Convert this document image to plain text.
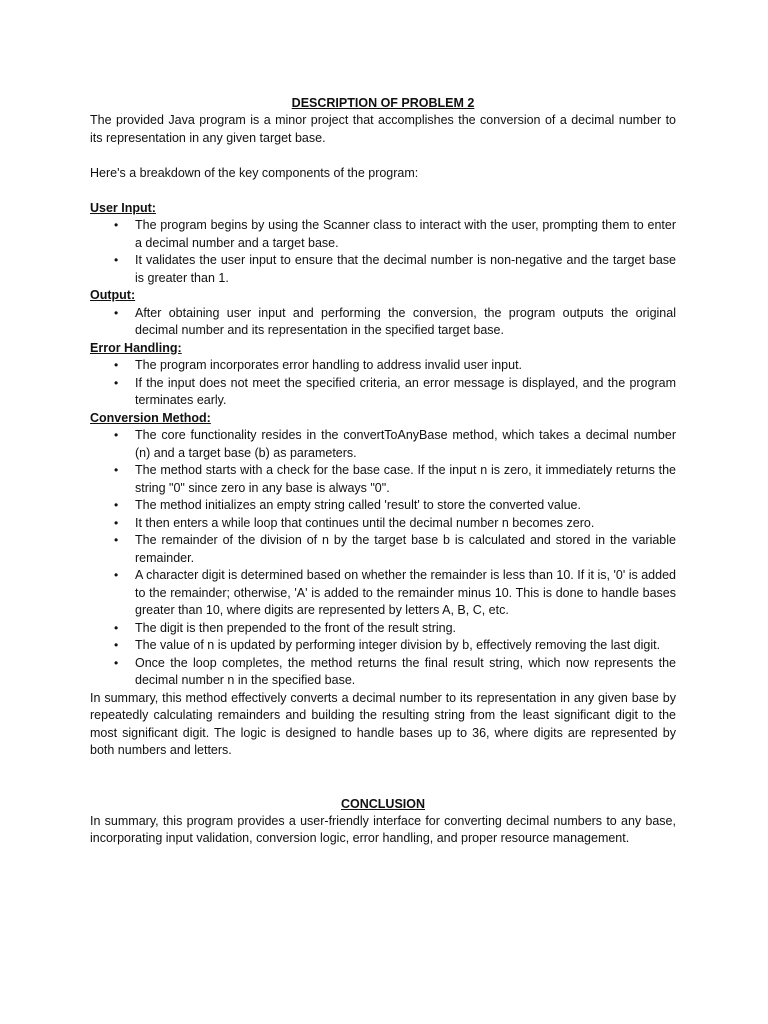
DESCRIPTION OF PROBLEM 2

The provided Java program is a minor project that accomplishes the conversion of a decimal number to its representation in any given target base.

Here's a breakdown of the key components of the program:

User Input:

• The program begins by using the Scanner class to interact with the user, prompting them to enter a decimal number and a target base.
• It validates the user input to ensure that the decimal number is non-negative and the target base is greater than 1.

Output:

• After obtaining user input and performing the conversion, the program outputs the original decimal number and its representation in the specified target base.

Error Handling:

• The program incorporates error handling to address invalid user input.
• If the input does not meet the specified criteria, an error message is displayed, and the program terminates early.

Conversion Method:

• The core functionality resides in the convertToAnyBase method, which takes a decimal number (n) and a target base (b) as parameters.
• The method starts with a check for the base case. If the input n is zero, it immediately returns the string "0" since zero in any base is always "0".
• The method initializes an empty string called 'result' to store the converted value.
• It then enters a while loop that continues until the decimal number n becomes zero.
• The remainder of the division of n by the target base b is calculated and stored in the variable remainder.
• A character digit is determined based on whether the remainder is less than 10. If it is, '0' is added to the remainder; otherwise, 'A' is added to the remainder minus 10. This is done to handle bases greater than 10, where digits are represented by letters A, B, C, etc.
• The digit is then prepended to the front of the result string.
• The value of n is updated by performing integer division by b, effectively removing the last digit.
• Once the loop completes, the method returns the final result string, which now represents the decimal number n in the specified base.

In summary, this method effectively converts a decimal number to its representation in any given base by repeatedly calculating remainders and building the resulting string from the least significant digit to the most significant digit. The logic is designed to handle bases up to 36, where digits are represented by both numbers and letters.

CONCLUSION

In summary, this program provides a user-friendly interface for converting decimal numbers to any base, incorporating input validation, conversion logic, error handling, and proper resource management.
